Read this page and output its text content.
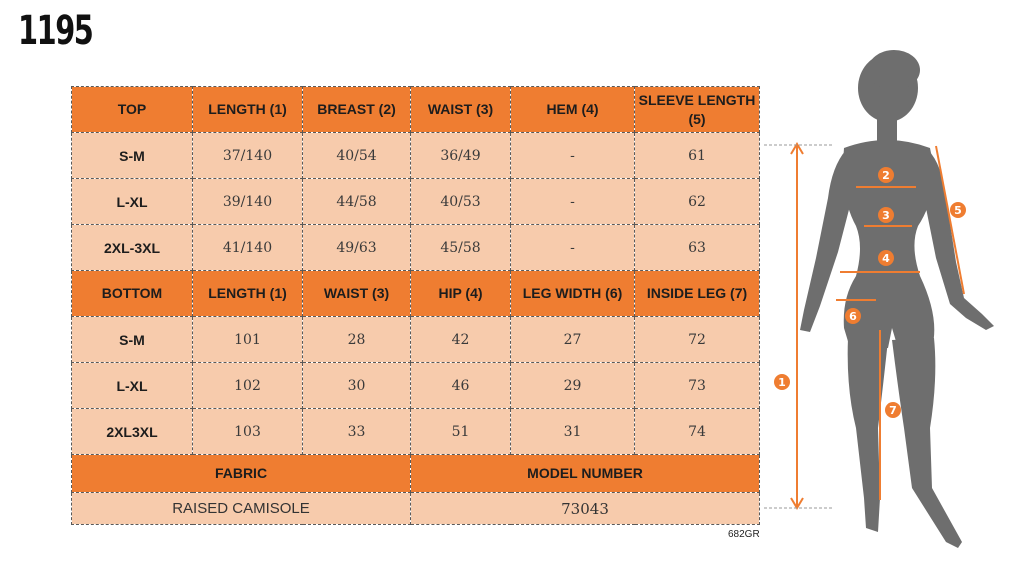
1195
TOP	LENGTH (1)	BREAST (2)	WAIST (3)	HEM (4)	SLEEVE LENGTH (5)
S-M	37/140	40/54	36/49	-	61
L-XL	39/140	44/58	40/53	-	62
2XL-3XL	41/140	49/63	45/58	-	63
BOTTOM	LENGTH (1)	WAIST (3)	HIP (4)	LEG WIDTH (6)	INSIDE LEG (7)
S-M	101	28	42	27	72
L-XL	102	30	46	29	73
2XL3XL	103	33	51	31	74
FABRIC			MODEL NUMBER		
RAISED CAMISOLE			73043		
682GR
1
2
3
4
5
6
7
